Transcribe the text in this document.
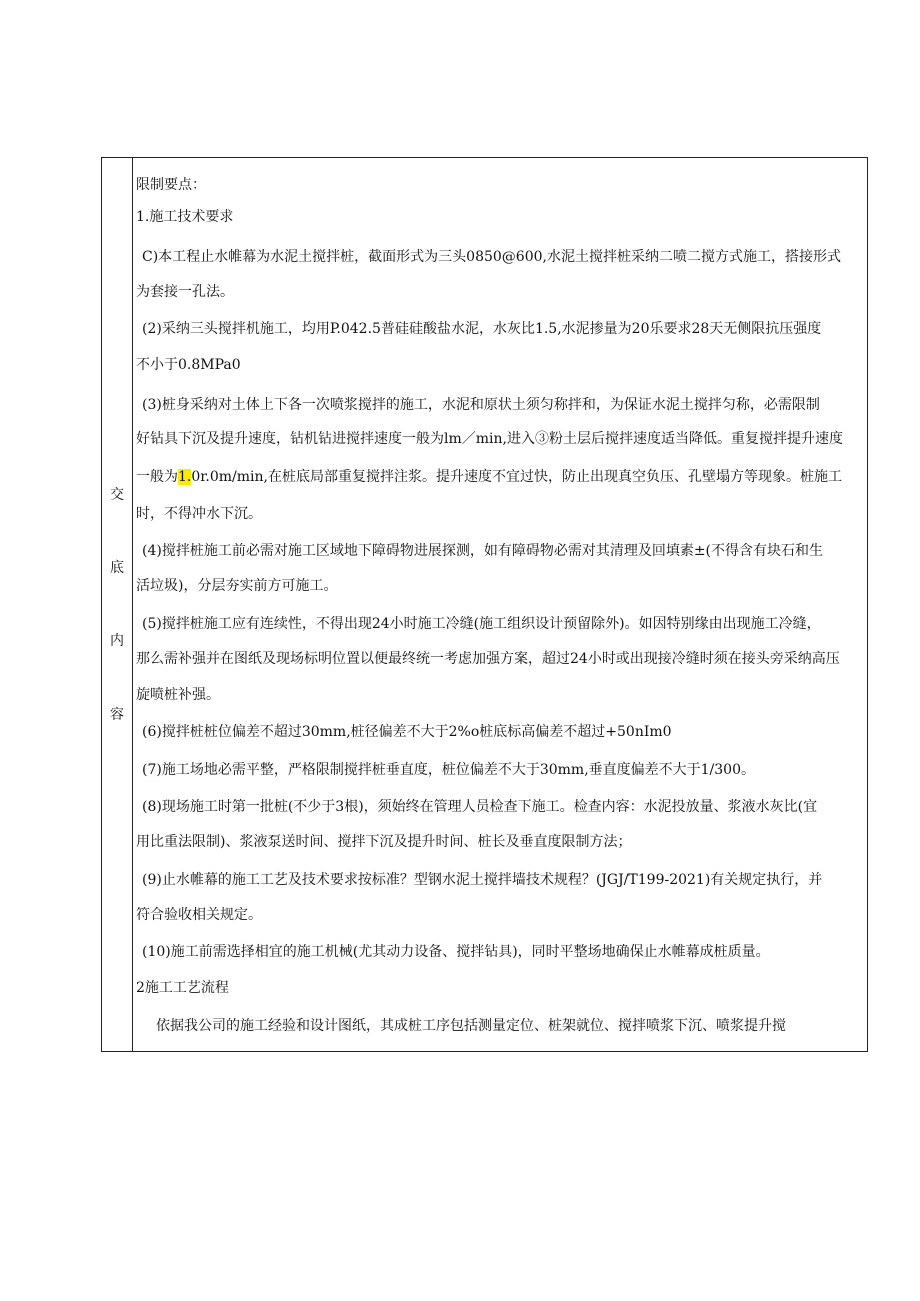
交
底
内
容
限制要点：
1.施工技术要求
C)本工程止水帷幕为水泥土搅拌桩，截面形式为三头0850@600,水泥土搅拌桩采纳二喷二搅方式施工，搭接形式
为套接一孔法。
(2)采纳三头搅拌机施工，均用P.042.5普硅硅酸盐水泥，水灰比1.5,水泥掺量为20乐要求28天无侧限抗压强度
不小于0.8MPa0
(3)桩身采纳对土体上下各一次喷浆搅拌的施工，水泥和原状土须匀称拌和，为保证水泥土搅拌匀称，必需限制
好钻具下沉及提升速度，钻机钻进搅拌速度一般为lm／min,进入③粉土层后搅拌速度适当降低。重复搅拌提升速度
一般为1.0r.0m/min,在桩底局部重复搅拌注浆。提升速度不宜过快，防止出现真空负压、孔壁塌方等现象。桩施工
时，不得冲水下沉。
(4)搅拌桩施工前必需对施工区域地下障碍物进展探测，如有障碍物必需对其清理及回填素±(不得含有块石和生
活垃圾)，分层夯实前方可施工。
(5)搅拌桩施工应有连续性，不得出现24小时施工冷缝(施工组织设计预留除外)。如因特别缘由出现施工冷缝，
那么需补强并在图纸及现场标明位置以便最终统一考虑加强方案，超过24小时或出现接冷缝时须在接头旁采纳高压
旋喷桩补强。
(6)搅拌桩桩位偏差不超过30mm,桩径偏差不大于2%o桩底标高偏差不超过+50nIm0
(7)施工场地必需平整，严格限制搅拌桩垂直度，桩位偏差不大于30mm,垂直度偏差不大于1/300。
(8)现场施工时第一批桩(不少于3根)，须始终在管理人员检查下施工。检查内容：水泥投放量、浆液水灰比(宜
用比重法限制)、浆液泵送时间、搅拌下沉及提升时间、桩长及垂直度限制方法；
(9)止水帷幕的施工工艺及技术要求按标准？型钢水泥土搅拌墙技术规程？(JGJ/T199-2021)有关规定执行，并
符合验收相关规定。
(10)施工前需选择相宜的施工机械(尤其动力设备、搅拌钻具)，同时平整场地确保止水帷幕成桩质量。
2施工工艺流程
依据我公司的施工经验和设计图纸，其成桩工序包括测量定位、桩架就位、搅拌喷浆下沉、喷浆提升搅
